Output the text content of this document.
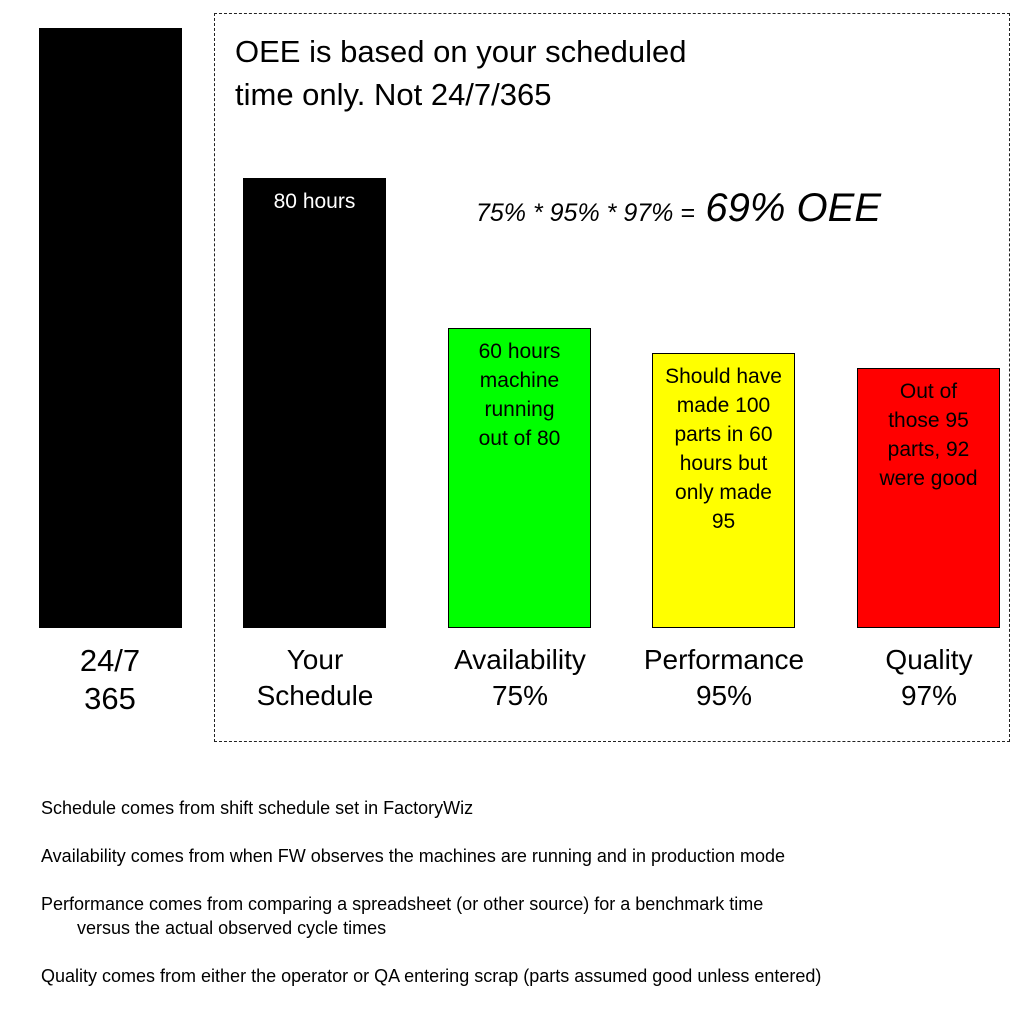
OEE is based on your scheduled
time only. Not 24/7/365
75% * 95% * 97% = 69% OEE
80 hours
60 hours
machine
running
out of 80
Should have
made 100
parts in 60
hours but
only made
95
Out of
those 95
parts, 92
were good
24/7
365
Your
Schedule
Availability
75%
Performance
95%
Quality
97%
Schedule comes from shift schedule set in FactoryWiz
Availability comes from when FW observes the machines are running and in production mode
Performance comes from comparing a spreadsheet (or other source) for a benchmark time
versus the actual observed cycle times
Quality comes from either the operator or QA entering scrap (parts assumed good unless entered)
